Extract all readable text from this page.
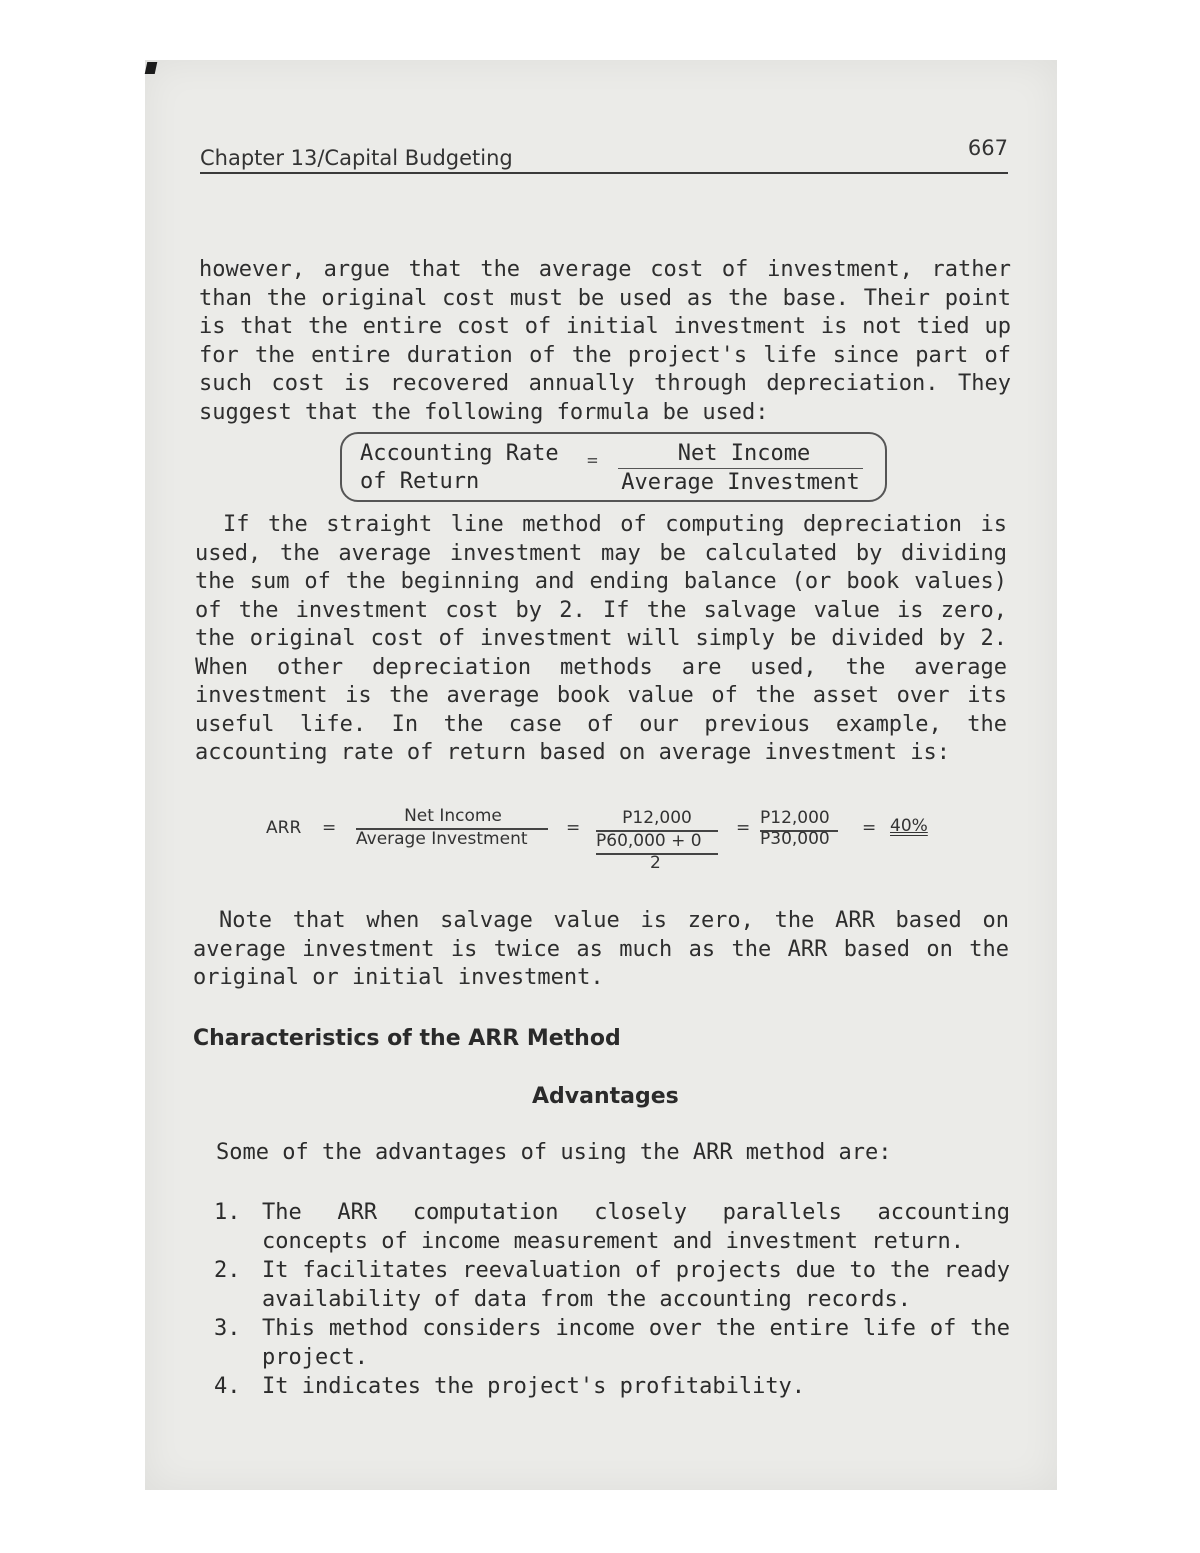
Chapter 13/Capital Budgeting	667
however, argue that the average cost of investment, rather than the original cost must be used as the base. Their point is that the entire cost of initial investment is not tied up for the entire duration of the project's life since part of such cost is recovered annually through depreciation. They suggest that the following formula be used:
Accounting Rate
of Return
=	Net Income
Average Investment
If the straight line method of computing depreciation is used, the average investment may be calculated by dividing the sum of the beginning and ending balance (or book values) of the investment cost by 2. If the salvage value is zero, the original cost of investment will simply be divided by 2. When other depreciation methods are used, the average investment is the average book value of the asset over its useful life. In the case of our previous example, the accounting rate of return based on average investment is:
ARR =
Net Income
Average Investment
=	P12,000
P60,000 + 0
2
= P12,000
P30,000
= 40%
Note that when salvage value is zero, the ARR based on average investment is twice as much as the ARR based on the original or initial investment.
Characteristics of the ARR Method
Advantages
Some of the advantages of using the ARR method are:
1. The ARR computation closely parallels accounting concepts of income measurement and investment return.
2. It facilitates reevaluation of projects due to the ready availability of data from the accounting records.
3. This method considers income over the entire life of the project.
4. It indicates the project's profitability.
